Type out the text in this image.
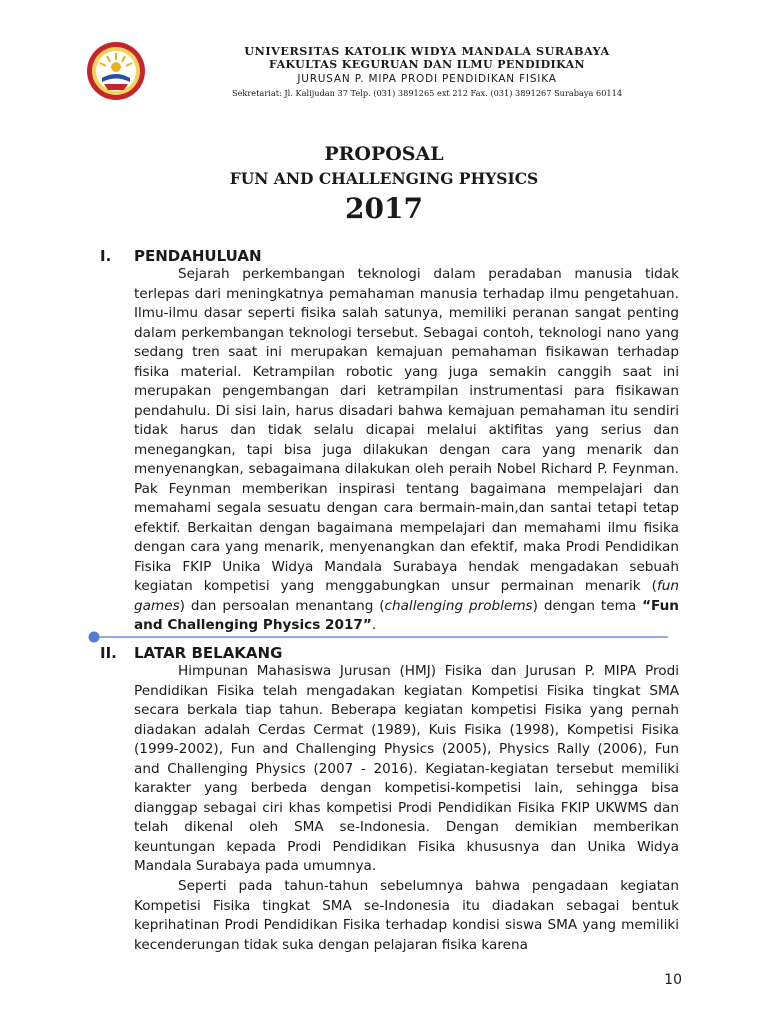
UNIVERSITAS KATOLIK WIDYA MANDALA SURABAYA
FAKULTAS KEGURUAN DAN ILMU PENDIDIKAN
JURUSAN P. MIPA PRODI PENDIDIKAN FISIKA
Sekretariat: Jl. Kalijudan 37 Telp. (031) 3891265 ext 212 Fax. (031) 3891267 Surabaya 60114
PROPOSAL
FUN AND CHALLENGING PHYSICS
2017
I. PENDAHULUAN

Sejarah perkembangan teknologi dalam peradaban manusia tidak terlepas dari meningkatnya pemahaman manusia terhadap ilmu pengetahuan. Ilmu-ilmu dasar seperti fisika salah satunya, memiliki peranan sangat penting dalam perkembangan teknologi tersebut. Sebagai contoh, teknologi nano yang sedang tren saat ini merupakan kemajuan pemahaman fisikawan terhadap fisika material. Ketrampilan robotic yang juga semakin canggih saat ini merupakan pengembangan dari ketrampilan instrumentasi para fisikawan pendahulu. Di sisi lain, harus disadari bahwa kemajuan pemahaman itu sendiri tidak harus dan tidak selalu dicapai melalui aktifitas yang serius dan menegangkan, tapi bisa juga dilakukan dengan cara yang menarik dan menyenangkan, sebagaimana dilakukan oleh peraih Nobel Richard P. Feynman. Pak Feynman memberikan inspirasi tentang bagaimana mempelajari dan memahami segala sesuatu dengan cara bermain-main,dan santai tetapi tetap efektif. Berkaitan dengan bagaimana mempelajari dan memahami ilmu fisika dengan cara yang menarik, menyenangkan dan efektif, maka Prodi Pendidikan Fisika FKIP Unika Widya Mandala Surabaya hendak mengadakan sebuah kegiatan kompetisi yang menggabungkan unsur permainan menarik (fun games) dan persoalan menantang (challenging problems) dengan tema “Fun and Challenging Physics 2017”.

II. LATAR BELAKANG

Himpunan Mahasiswa Jurusan (HMJ) Fisika dan Jurusan P. MIPA Prodi Pendidikan Fisika telah mengadakan kegiatan Kompetisi Fisika tingkat SMA secara berkala tiap tahun. Beberapa kegiatan kompetisi Fisika yang pernah diadakan adalah Cerdas Cermat (1989), Kuis Fisika (1998), Kompetisi Fisika (1999-2002), Fun and Challenging Physics (2005), Physics Rally (2006), Fun and Challenging Physics (2007 - 2016). Kegiatan-kegiatan tersebut memiliki karakter yang berbeda dengan kompetisi-kompetisi lain, sehingga bisa dianggap sebagai ciri khas kompetisi Prodi Pendidikan Fisika FKIP UKWMS dan telah dikenal oleh SMA se-Indonesia. Dengan demikian memberikan keuntungan kepada Prodi Pendidikan Fisika khususnya dan Unika Widya Mandala Surabaya pada umumnya.

Seperti pada tahun-tahun sebelumnya bahwa pengadaan kegiatan Kompetisi Fisika tingkat SMA se-Indonesia itu diadakan sebagai bentuk keprihatinan Prodi Pendidikan Fisika terhadap kondisi siswa SMA yang memiliki kecenderungan tidak suka dengan pelajaran fisika karena

10
